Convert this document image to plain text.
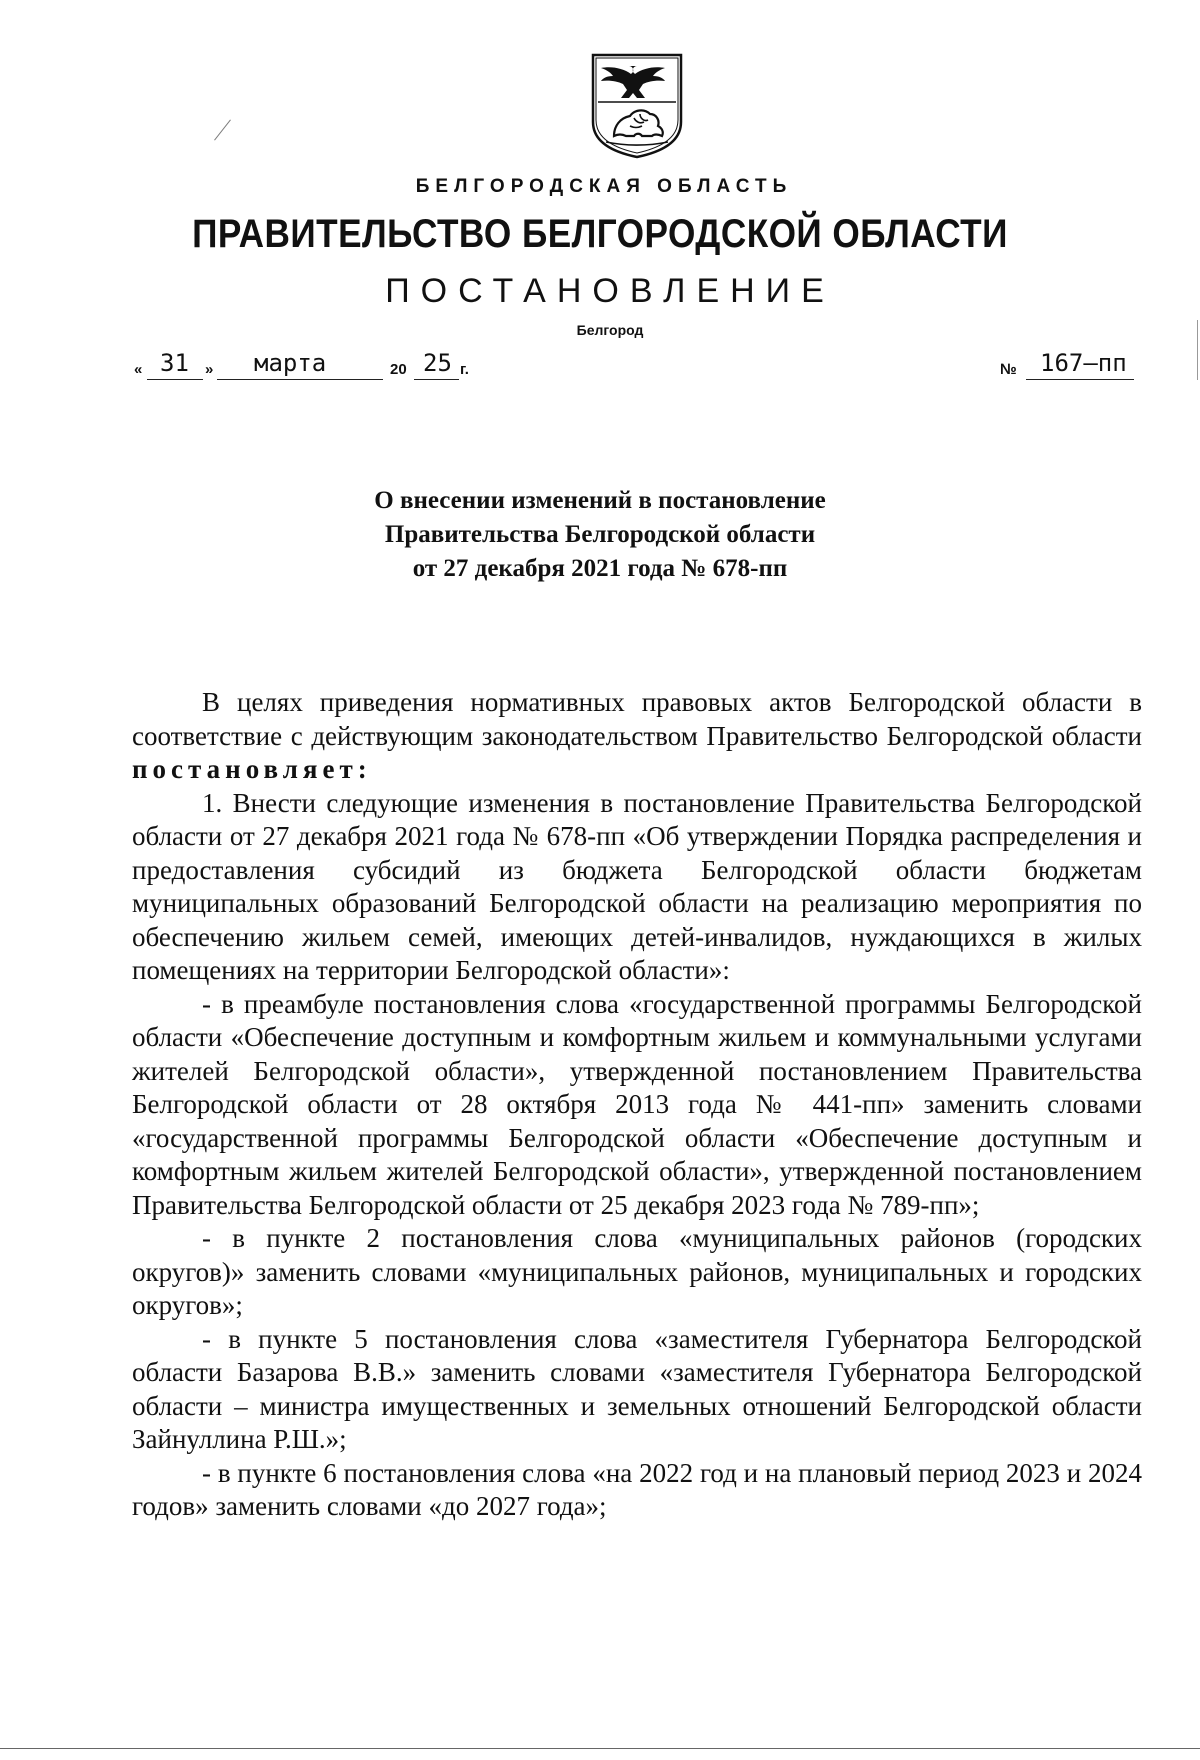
БЕЛГОРОДСКАЯ ОБЛАСТЬ
ПРАВИТЕЛЬСТВО БЕЛГОРОДСКОЙ ОБЛАСТИ
ПОСТАНОВЛЕНИЕ
Белгород
« 31 » марта	20 25 г.	№ 167–пп
О внесении изменений в постановление
Правительства Белгородской области
от 27 декабря 2021 года № 678-пп
В целях приведения нормативных правовых актов Белгородской области в соответствие с действующим законодательством Правительство Белгородской области постановляет:
1. Внести следующие изменения в постановление Правительства Белгородской области от 27 декабря 2021 года № 678-пп «Об утверждении Порядка распределения и предоставления субсидий из бюджета Белгородской области бюджетам муниципальных образований Белгородской области на реализацию мероприятия по обеспечению жильем семей, имеющих детей-инвалидов, нуждающихся в жилых помещениях на территории Белгородской области»:
- в преамбуле постановления слова «государственной программы Белгородской области «Обеспечение доступным и комфортным жильем и коммунальными услугами жителей Белгородской области», утвержденной постановлением Правительства Белгородской области от 28 октября 2013 года № 441-пп» заменить словами «государственной программы Белгородской области «Обеспечение доступным и комфортным жильем жителей Белгородской области», утвержденной постановлением Правительства Белгородской области от 25 декабря 2023 года № 789-пп»;
- в пункте 2 постановления слова «муниципальных районов (городских округов)» заменить словами «муниципальных районов, муниципальных и городских округов»;
- в пункте 5 постановления слова «заместителя Губернатора Белгородской области Базарова В.В.» заменить словами «заместителя Губернатора Белгородской области – министра имущественных и земельных отношений Белгородской области Зайнуллина Р.Ш.»;
- в пункте 6 постановления слова «на 2022 год и на плановый период 2023 и 2024 годов» заменить словами «до 2027 года»;
